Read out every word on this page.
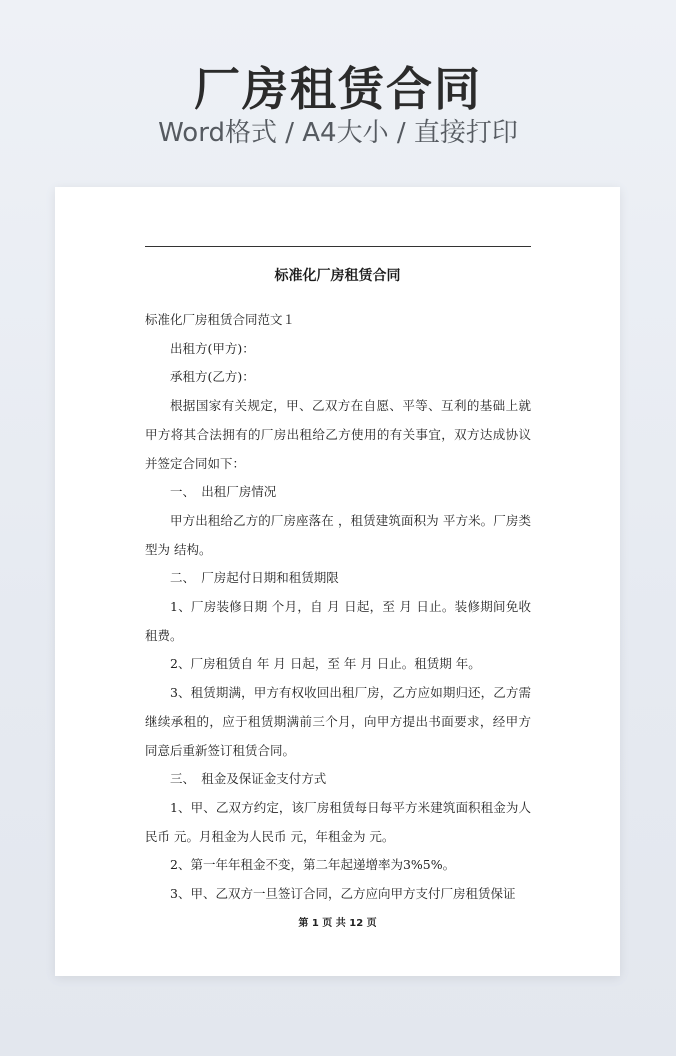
厂房租赁合同
Word格式 / A4大小 / 直接打印
标准化厂房租赁合同

标准化厂房租赁合同范文１

出租方(甲方)：

承租方(乙方)：

根据国家有关规定，甲、乙双方在自愿、平等、互利的基础上就甲方将其合法拥有的厂房出租给乙方使用的有关事宜，双方达成协议并签定合同如下：

一、　出租厂房情况

甲方出租给乙方的厂房座落在 ，租赁建筑面积为 平方米。厂房类型为 结构。

二、　厂房起付日期和租赁期限

1、厂房装修日期 个月，自 月 日起，至 月 日止。装修期间免收租费。

2、厂房租赁自 年 月 日起，至 年 月 日止。租赁期 年。

3、租赁期满，甲方有权收回出租厂房，乙方应如期归还，乙方需继续承租的，应于租赁期满前三个月，向甲方提出书面要求，经甲方同意后重新签订租赁合同。

三、　租金及保证金支付方式

1、甲、乙双方约定，该厂房租赁每日每平方米建筑面积租金为人民币 元。月租金为人民币 元，年租金为 元。

2、第一年年租金不变，第二年起递增率为3%5%。

3、甲、乙双方一旦签订合同，乙方应向甲方支付厂房租赁保证

第 1 页 共 12 页
